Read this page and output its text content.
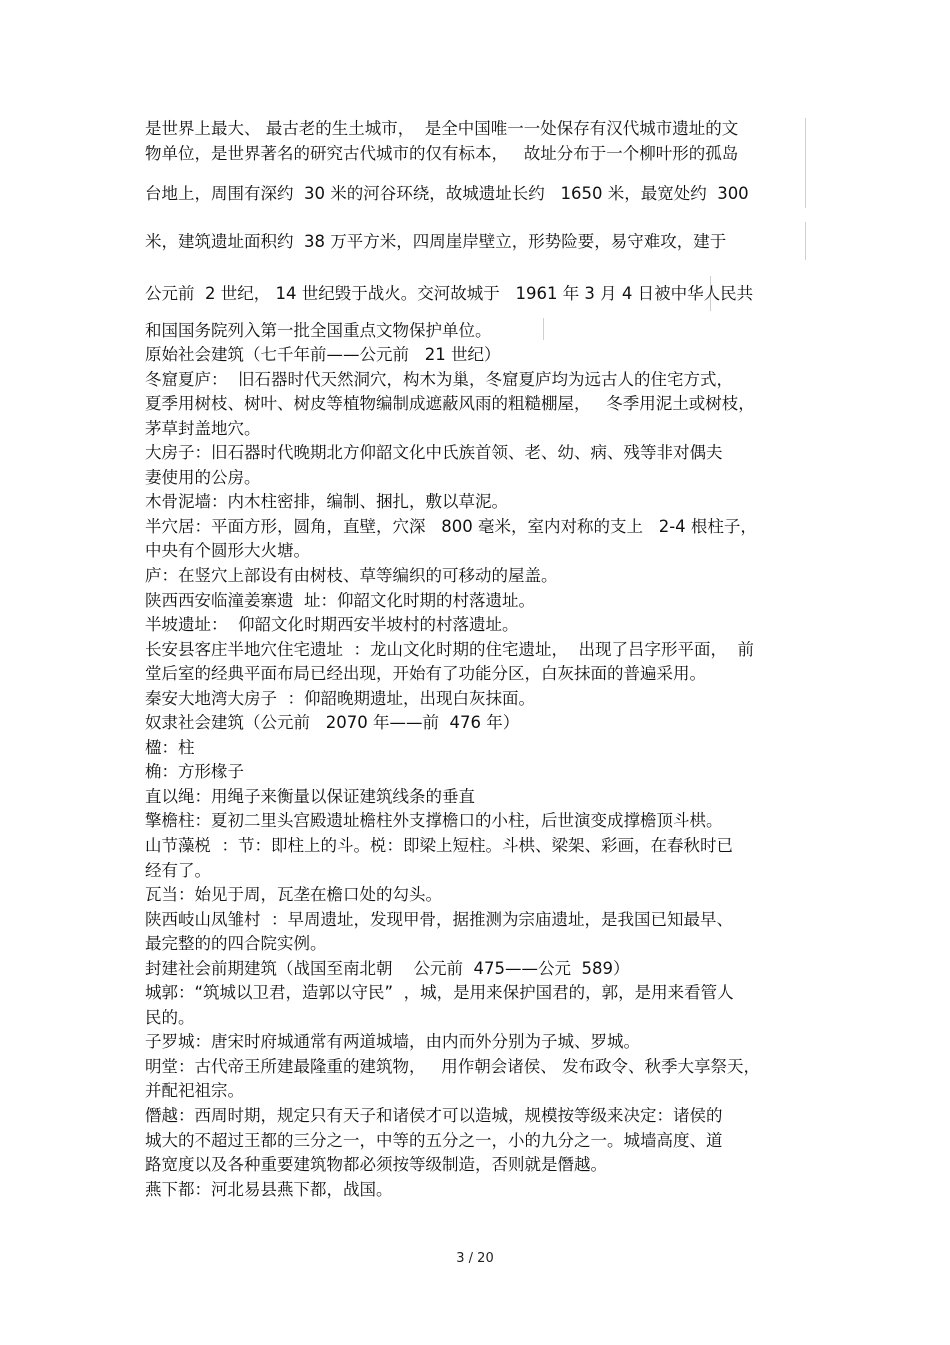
是世界上最大、 最古老的生土城市，  是全中国唯一一处保存有汉代城市遗址的文
物单位，是世界著名的研究古代城市的仅有标本，   故址分布于一个柳叶形的孤岛
台地上，周围有深约  30 米的河谷环绕，故城遗址长约   1650 米，最宽处约  300
米，建筑遗址面积约  38 万平方米，四周崖岸壁立，形势险要，易守难攻，建于
公元前  2 世纪， 14 世纪毁于战火。交河故城于   1961 年 3 月 4 日被中华人民共
和国国务院列入第一批全国重点文物保护单位。
原始社会建筑（七千年前——公元前   21 世纪）
冬窟夏庐：  旧石器时代天然洞穴，构木为巢，冬窟夏庐均为远古人的住宅方式，
夏季用树枝、树叶、树皮等植物编制成遮蔽风雨的粗糙棚屋，   冬季用泥土或树枝，
茅草封盖地穴。
大房子：旧石器时代晚期北方仰韶文化中氏族首领、老、幼、病、残等非对偶夫
妻使用的公房。
木骨泥墙：内木柱密排，编制、捆扎，敷以草泥。
半穴居：平面方形，圆角，直壁，穴深   800 毫米，室内对称的支上   2-4 根柱子，
中央有个圆形大火塘。
庐：在竖穴上部设有由树枝、草等编织的可移动的屋盖。
陕西西安临潼姜寨遗  址：仰韶文化时期的村落遗址。
半坡遗址：  仰韶文化时期西安半坡村的村落遗址。
长安县客庄半地穴住宅遗址  ：龙山文化时期的住宅遗址，  出现了吕字形平面，  前
堂后室的经典平面布局已经出现，开始有了功能分区，白灰抹面的普遍采用。
秦安大地湾大房子  ：仰韶晚期遗址，出现白灰抹面。
奴隶社会建筑（公元前   2070 年——前  476 年）
楹：柱
桷：方形椽子
直以绳：用绳子来衡量以保证建筑线条的垂直
擎檐柱：夏初二里头宫殿遗址檐柱外支撑檐口的小柱，后世演变成撑檐顶斗栱。
山节藻棁  ：节：即柱上的斗。棁：即梁上短柱。斗栱、梁架、彩画，在春秋时已
经有了。
瓦当：始见于周，瓦垄在檐口处的勾头。
陕西岐山凤雏村  ：早周遗址，发现甲骨，据推测为宗庙遗址，是我国已知最早、
最完整的的四合院实例。
封建社会前期建筑（战国至南北朝    公元前  475——公元  589）
城郭：“筑城以卫君，造郭以守民”  ，城，是用来保护国君的，郭，是用来看管人
民的。
子罗城：唐宋时府城通常有两道城墙，由内而外分别为子城、罗城。
明堂：古代帝王所建最隆重的建筑物，   用作朝会诸侯、 发布政令、秋季大享祭天，
并配祀祖宗。
僭越：西周时期，规定只有天子和诸侯才可以造城，规模按等级来决定：诸侯的
城大的不超过王都的三分之一，中等的五分之一，小的九分之一。城墙高度、道
路宽度以及各种重要建筑物都必须按等级制造，否则就是僭越。
燕下都：河北易县燕下都，战国。
3 / 20
